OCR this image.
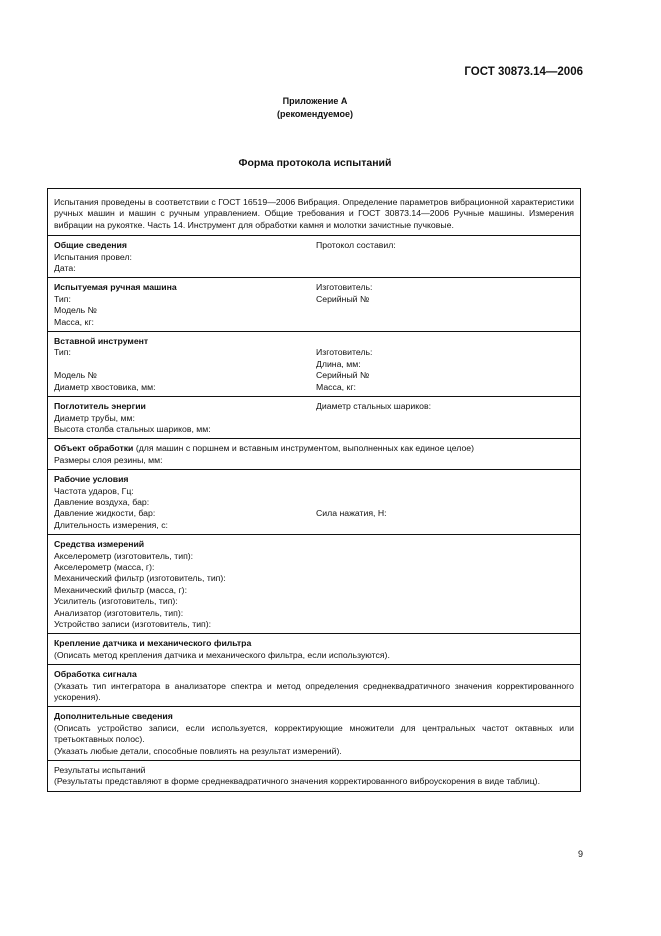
ГОСТ 30873.14—2006
Приложение А
(рекомендуемое)
Форма протокола испытаний
Испытания проведены в соответствии с ГОСТ 16519—2006 Вибрация. Определение параметров вибрационной характеристики ручных машин и машин с ручным управлением. Общие требования и ГОСТ 30873.14—2006 Ручные машины. Измерения вибрации на рукоятке. Часть 14. Инструмент для обработки камня и молотки зачистные пучковые.
Общие сведения
Испытания провел:
Дата:
Протокол составил:
Испытуемая ручная машина
Тип:
Модель №
Масса, кг:
Изготовитель:
Серийный №
Вставной инструмент
Тип:

Модель №
Диаметр хвостовика, мм:

Изготовитель:
Длина, мм:
Серийный №
Масса, кг:
Поглотитель энергии
Диаметр трубы, мм:
Диаметр стальных шариков:
Высота столба стальных шариков, мм:
Объект обработки (для машин с поршнем и вставным инструментом, выполненных как единое целое)
Размеры слоя резины, мм:
Рабочие условия
Частота ударов, Гц:
Давление воздуха, бар:
Давление жидкости, бар:	Сила нажатия, Н:
Длительность измерения, с:
Средства измерений
Акселерометр (изготовитель, тип):
Акселерометр (масса, г):
Механический фильтр (изготовитель, тип):
Механический фильтр (масса, г):
Усилитель (изготовитель, тип):
Анализатор (изготовитель, тип):
Устройство записи (изготовитель, тип):
Крепление датчика и механического фильтра
(Описать метод крепления датчика и механического фильтра, если используются).
Обработка сигнала
(Указать тип интегратора в анализаторе спектра и метод определения среднеквадратичного значения корректированного ускорения).
Дополнительные сведения
(Описать устройство записи, если используется, корректирующие множители для центральных частот октавных или третьоктавных полос).
(Указать любые детали, способные повлиять на результат измерений).
Результаты испытаний
(Результаты представляют в форме среднеквадратичного значения корректированного виброускорения в виде таблиц).
9
